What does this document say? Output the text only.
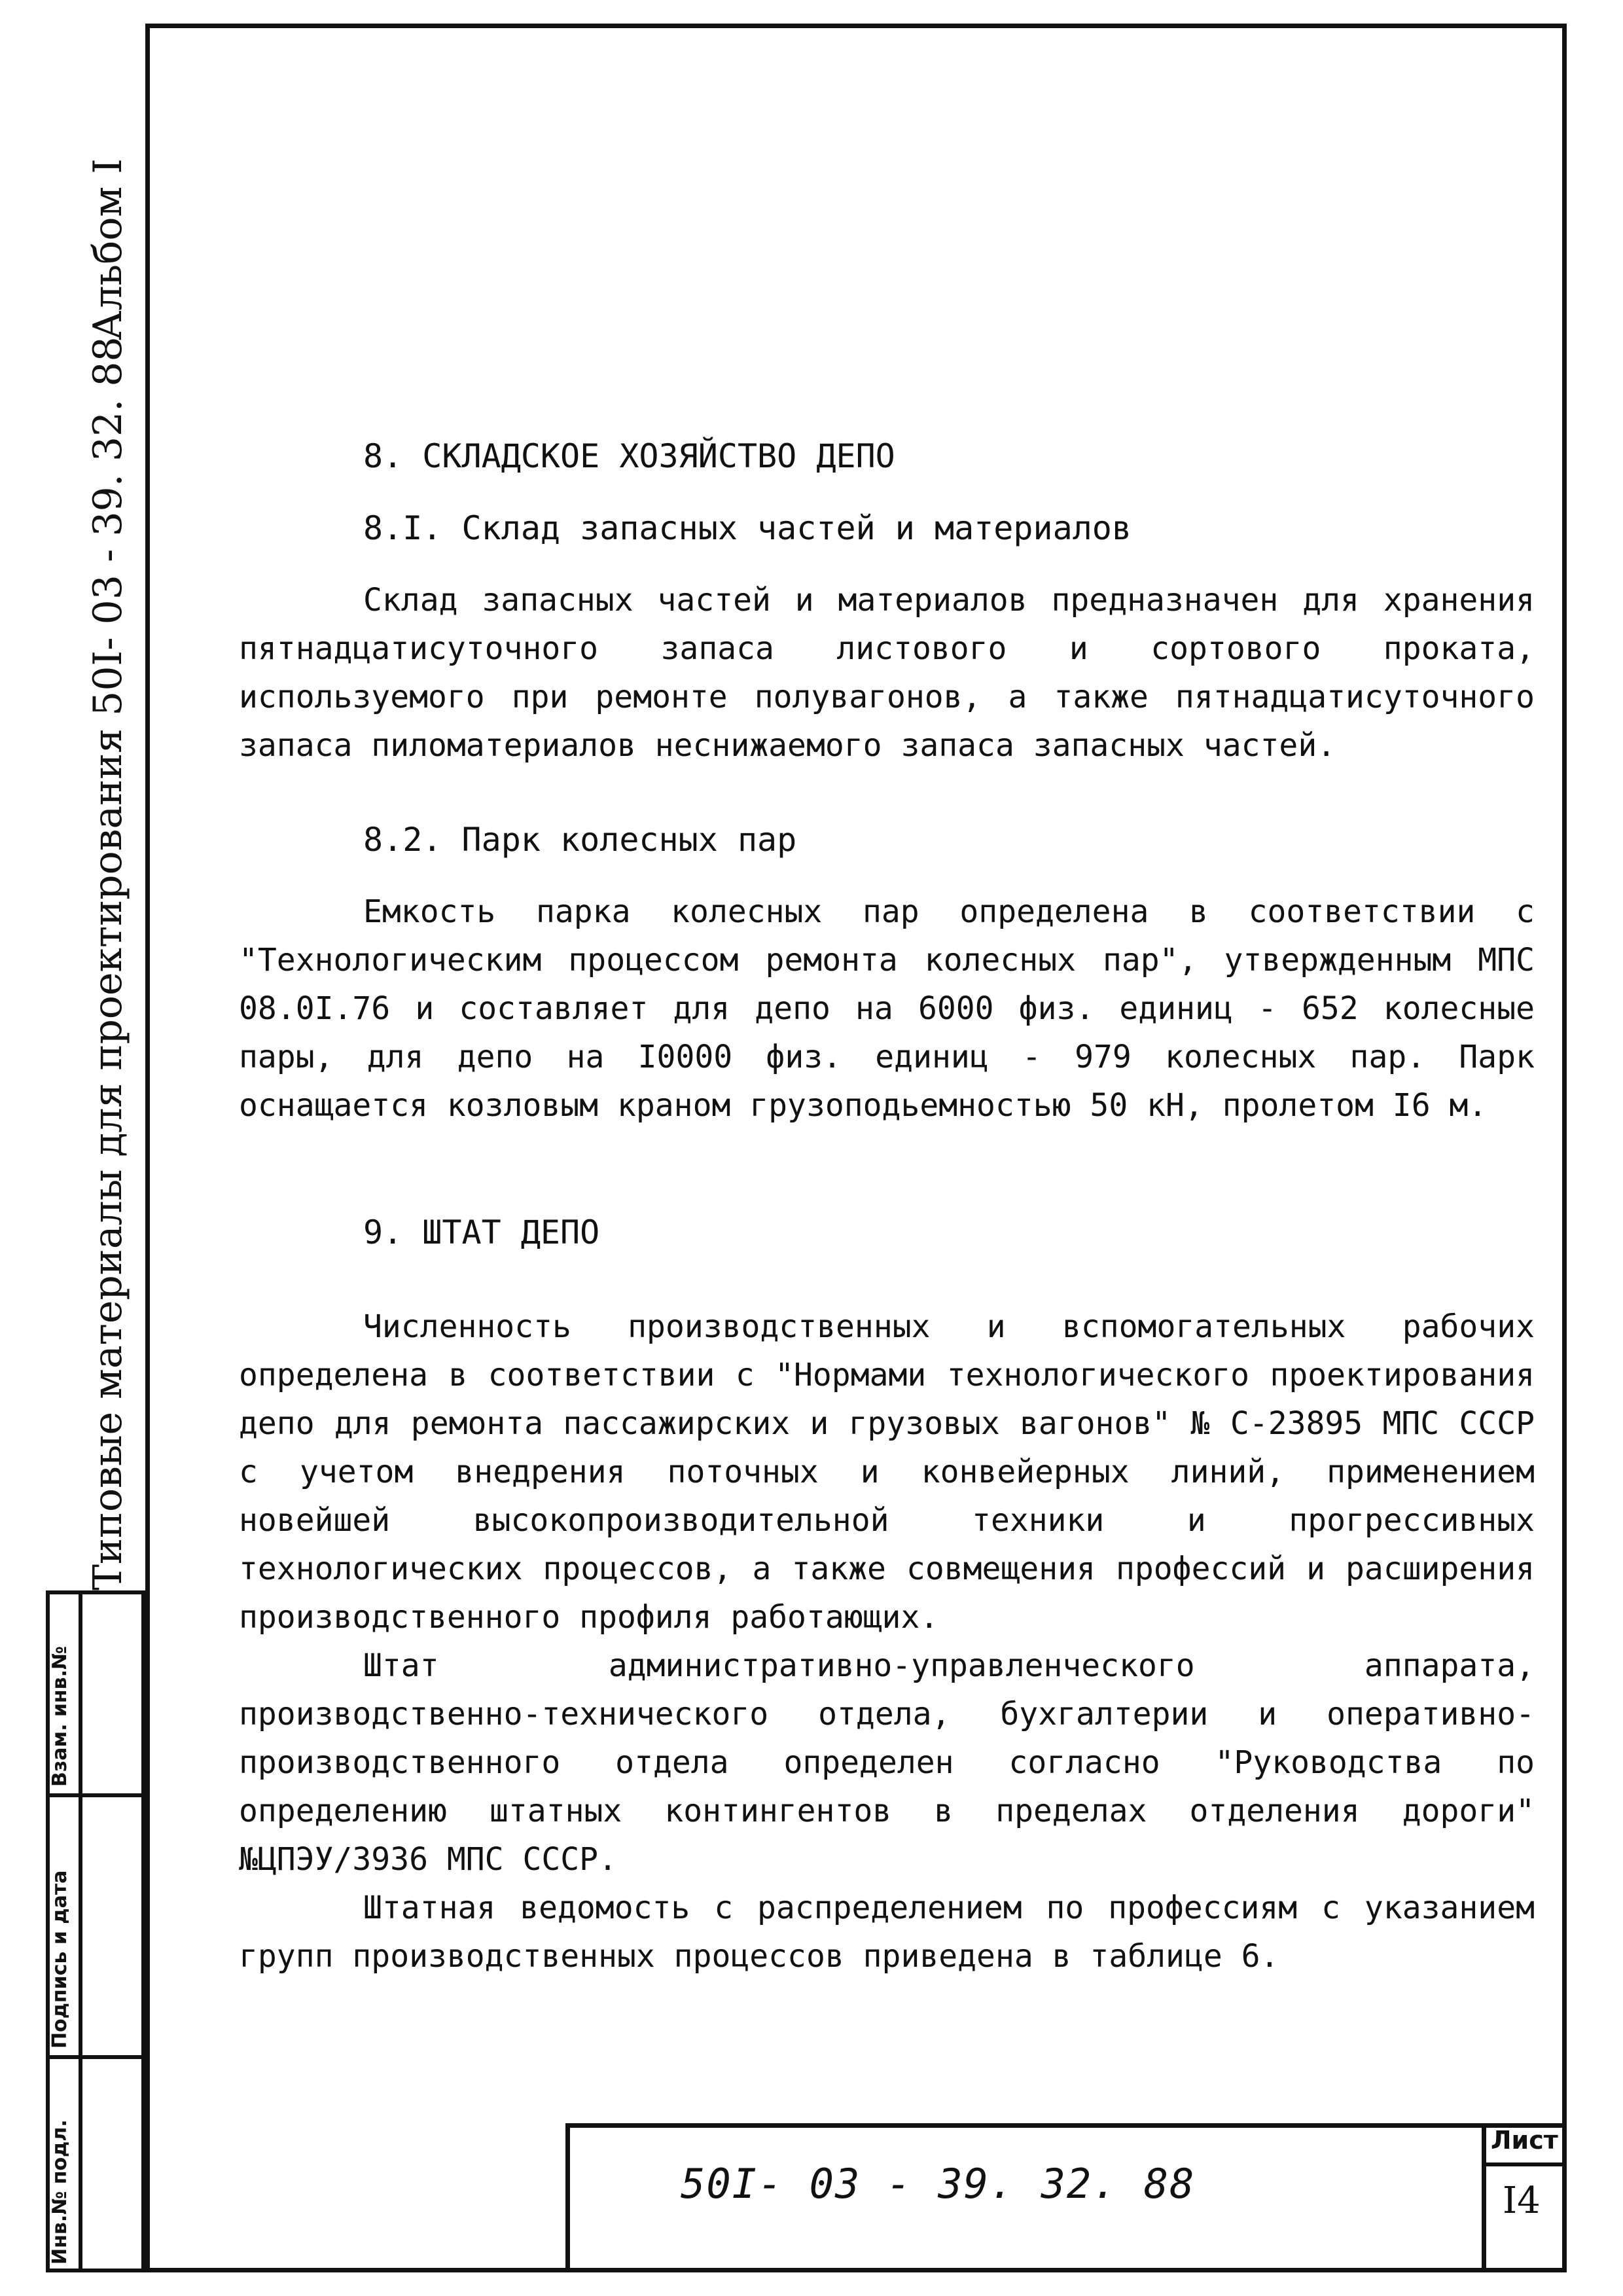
Альбом I
Типовые материалы для проектирования 50I- 03 - 39. 32. 88
Взам. инв.№
Подпись и дата
Инв.№ подл.
8. СКЛАДСКОЕ ХОЗЯЙСТВО ДЕПО
8.I. Склад запасных частей и материалов

Склад запасных частей и материалов предназначен для хранения пятнадцатисуточного запаса листового и сортового проката, используемого при ремонте полувагонов, а также пятнадцатисуточного запаса пиломатериалов неснижаемого запаса запасных частей.

8.2. Парк колесных пар

Емкость парка колесных пар определена в соответствии с "Технологическим процессом ремонта колесных пар", утвержденным МПС 08.0I.76 и составляет для депо на 6000 физ. единиц - 652 колесные пары, для депо на I0000 физ. единиц - 979 колесных пар. Парк оснащается козловым краном грузоподьемностью 50 кН, пролетом I6 м.

9. ШТАТ ДЕПО

Численность производственных и вспомогательных рабочих определена в соответствии с "Нормами технологического проектирования депо для ремонта пассажирских и грузовых вагонов" № С-23895 МПС СССР с учетом внедрения поточных и конвейерных линий, применением новейшей высокопроизводительной техники и прогрессивных технологических процессов, а также совмещения профессий и расширения производственного профиля работающих.

Штат административно-управленческого аппарата, производственно-технического отдела, бухгалтерии и оперативно-производственного отдела определен согласно "Руководства по определению штатных контингентов в пределах отделения дороги" №ЦПЭУ/3936 МПС СССР.

Штатная ведомость с распределением по профессиям с указанием групп производственных процессов приведена в таблице 6.

50I- 03 - 39. 32. 88
Лист
I4
